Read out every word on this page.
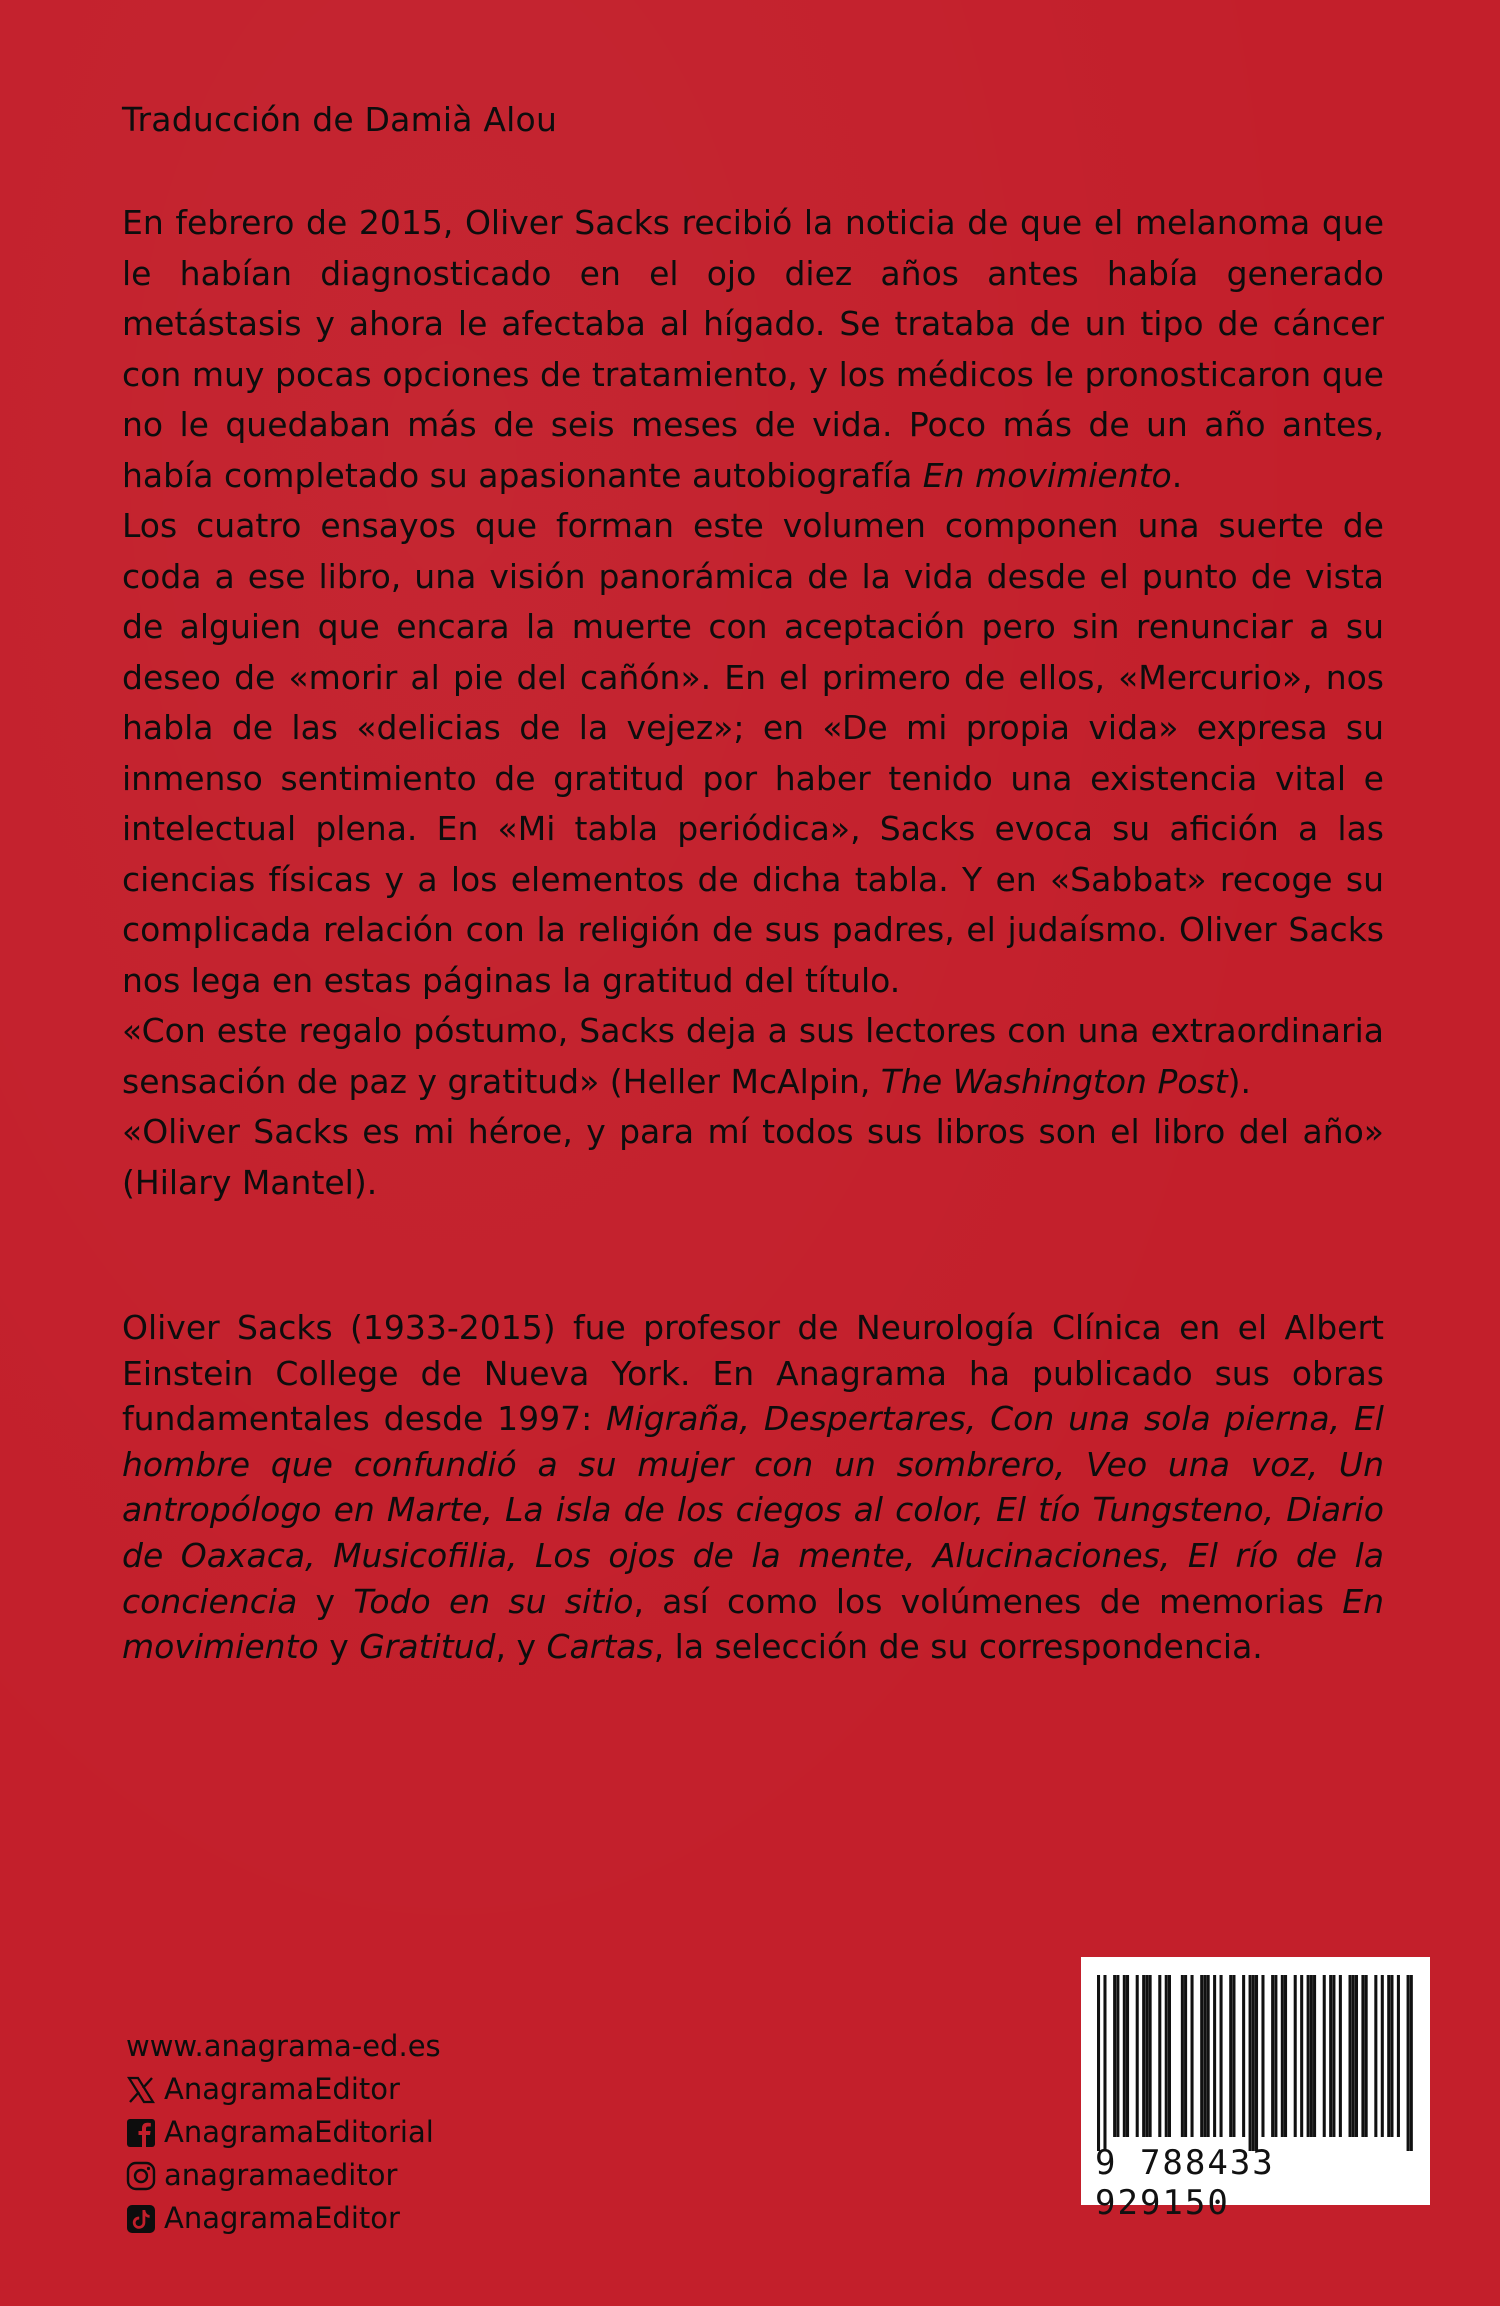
Traducción de Damià Alou

En febrero de 2015, Oliver Sacks recibió la noticia de que el melanoma que le habían diagnosticado en el ojo diez años antes había generado metástasis y ahora le afectaba al hígado. Se trataba de un tipo de cáncer con muy pocas opciones de tratamiento, y los médicos le pronosticaron que no le quedaban más de seis meses de vida. Poco más de un año antes, había completado su apasionante autobiografía En movimiento.

Los cuatro ensayos que forman este volumen componen una suerte de coda a ese libro, una visión panorámica de la vida desde el punto de vista de alguien que encara la muerte con aceptación pero sin renunciar a su deseo de «morir al pie del cañón». En el primero de ellos, «Mercurio», nos habla de las «delicias de la vejez»; en «De mi propia vida» expresa su inmenso sentimiento de gratitud por haber tenido una existencia vital e intelectual plena. En «Mi tabla periódica», Sacks evoca su afición a las ciencias físicas y a los elementos de dicha tabla. Y en «Sabbat» recoge su complicada relación con la religión de sus padres, el judaísmo. Oliver Sacks nos lega en estas páginas la gratitud del título.

«Con este regalo póstumo, Sacks deja a sus lectores con una extraordinaria sensación de paz y gratitud» (Heller McAlpin, The Washington Post).

«Oliver Sacks es mi héroe, y para mí todos sus libros son el libro del año» (Hilary Mantel).

Oliver Sacks (1933-2015) fue profesor de Neurología Clínica en el Albert Einstein College de Nueva York. En Anagrama ha publicado sus obras fundamentales desde 1997: Migraña, Despertares, Con una sola pierna, El hombre que confundió a su mujer con un sombrero, Veo una voz, Un antropólogo en Marte, La isla de los ciegos al color, El tío Tungsteno, Diario de Oaxaca, Musicofilia, Los ojos de la mente, Alucinaciones, El río de la conciencia y Todo en su sitio, así como los volúmenes de memorias En movimiento y Gratitud, y Cartas, la selección de su correspondencia.

www.anagrama-ed.es
AnagramaEditor
AnagramaEditorial
anagramaeditor
AnagramaEditor
9 788433 929150
